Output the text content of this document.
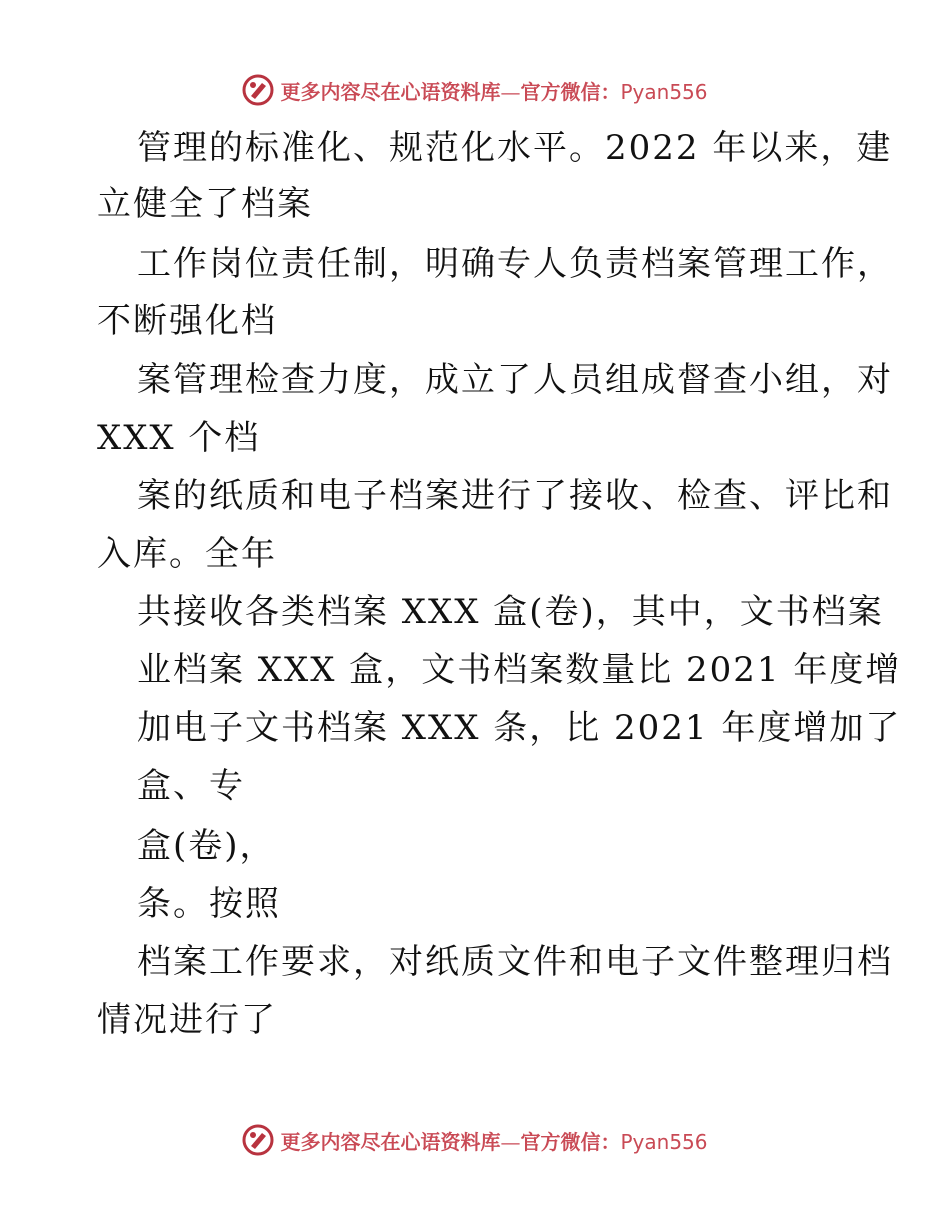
更多内容尽在心语资料库—官方微信：Pyan556
管理的标准化、规范化水平。2022 年以来，建
立健全了档案
工作岗位责任制，明确专人负责档案管理工作，
不断强化档
案管理检查力度，成立了人员组成督查小组，对
XXX 个档
案的纸质和电子档案进行了接收、检查、评比和
入库。全年
共接收各类档案 XXX 盒(卷)，其中，文书档案
业档案 XXX 盒，文书档案数量比 2021 年度增
加电子文书档案 XXX 条，比 2021 年度增加了
盒、专
盒(卷)，
条。按照
档案工作要求，对纸质文件和电子文件整理归档
情况进行了
更多内容尽在心语资料库—官方微信：Pyan556
